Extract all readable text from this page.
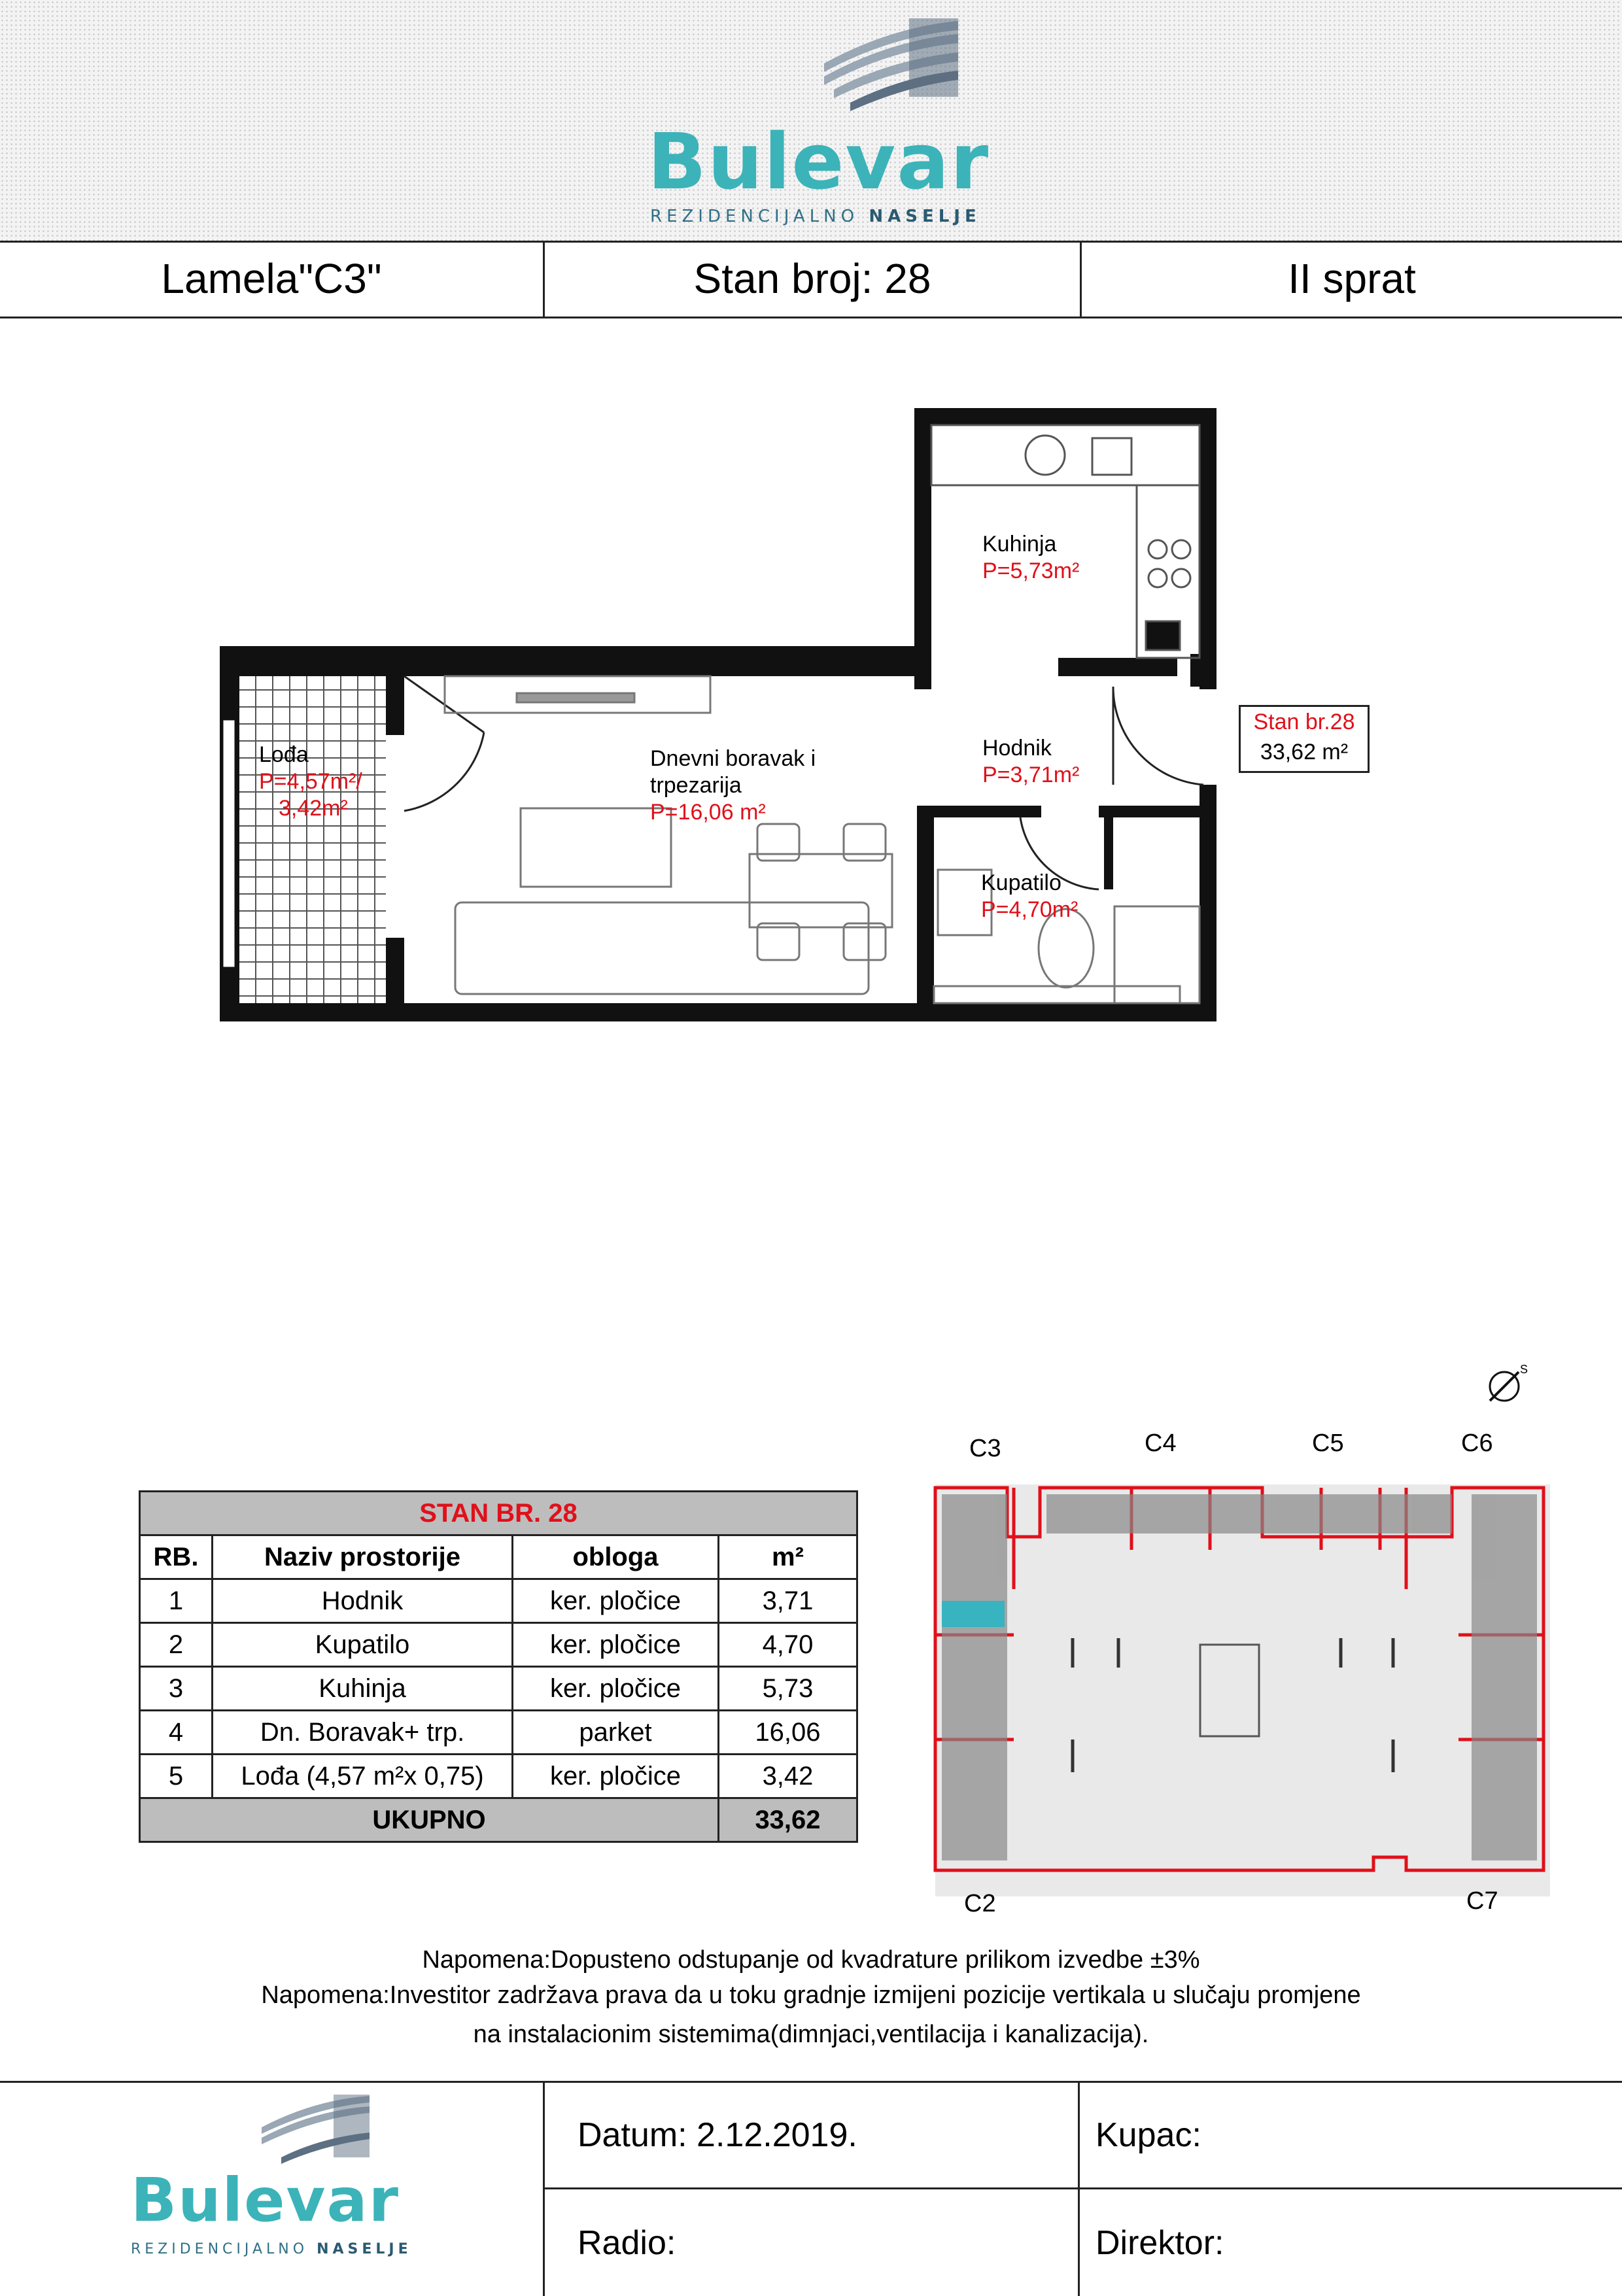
Bulevar
REZIDENCIJALNO NASELJE
Lamela"C3"	Stan broj: 28	II sprat
Kuhinja
P=5,73m²
Hodnik
P=3,71m²
Dnevni boravak i
trpezarija
P=16,06 m²
Lođa
P=4,57m²/
3,42m²
Kupatilo
P=4,70m²
Stan br.28
33,62 m²
STAN BR. 28			
RB.	Naziv prostorije	obloga	m²
1	Hodnik	ker. pločice	3,71
2	Kupatilo	ker. pločice	4,70
3	Kuhinja	ker. pločice	5,73
4	Dn. Boravak+ trp.	parket	16,06
5	Lođa (4,57 m²x 0,75)	ker. pločice	3,42
UKUPNO			33,62
S
C3	C4	C5	C6
C2	C7
Napomena:Dopusteno odstupanje od kvadrature prilikom izvedbe ±3%
Napomena:Investitor zadržava prava da u toku gradnje izmijeni pozicije vertikala u slučaju promjene
na instalacionim sistemima(dimnjaci,ventilacija i kanalizacija).
Bulevar
REZIDENCIJALNO NASELJE
Datum: 2.12.2019.	Kupac:
Radio:	Direktor:
